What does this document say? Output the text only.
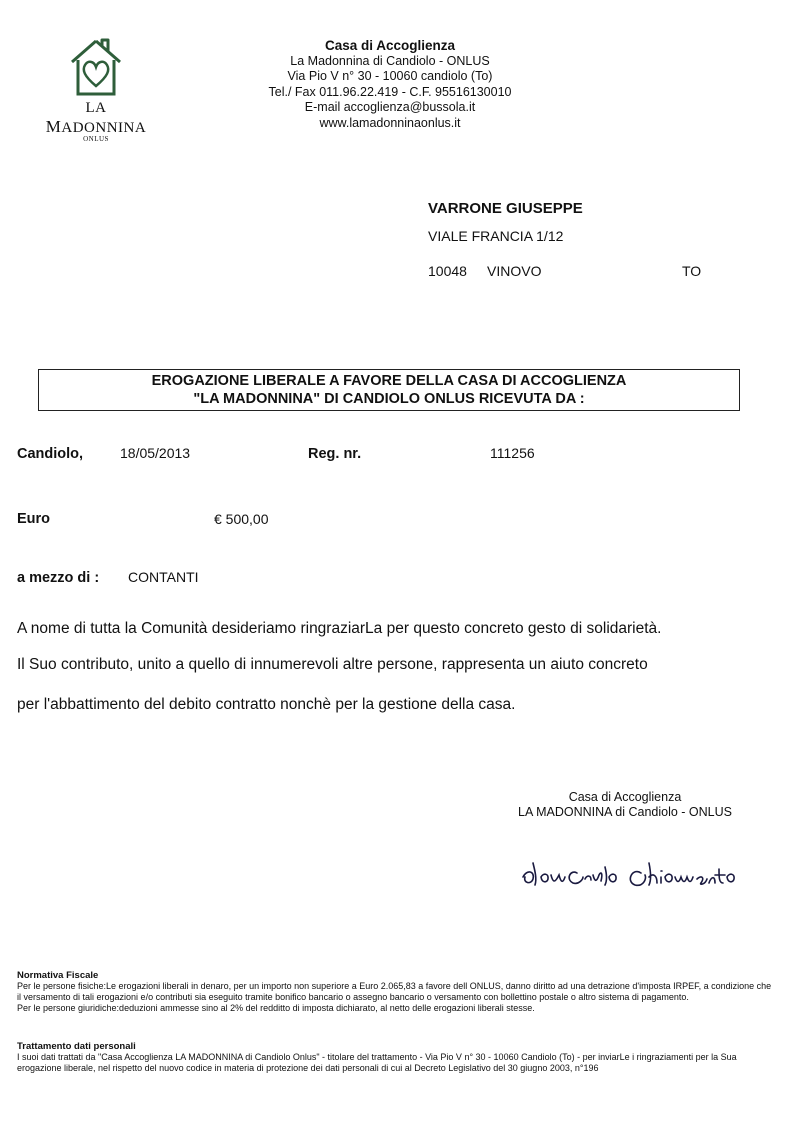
LA MADONNINA
ONLUS
Casa di Accoglienza
La Madonnina di Candiolo - ONLUS
Via Pio V n° 30 - 10060 candiolo (To)
Tel./ Fax 011.96.22.419 - C.F. 95516130010
E-mail accoglienza@bussola.it
www.lamadonninaonlus.it
VARRONE GIUSEPPE
VIALE FRANCIA 1/12
10048 VINOVO	TO
EROGAZIONE LIBERALE A FAVORE DELLA CASA DI ACCOGLIENZA
"LA MADONNINA" DI CANDIOLO ONLUS RICEVUTA DA :
Candiolo,	18/05/2013	Reg. nr.	111256
Euro	€ 500,00
a mezzo di : CONTANTI
A nome di tutta la Comunità desideriamo ringraziarLa per questo concreto gesto di solidarietà.
Il Suo contributo, unito a quello di innumerevoli altre persone, rappresenta un aiuto concreto
per l'abbattimento del debito contratto nonchè per la gestione della casa.
Casa di Accoglienza
LA MADONNINA di Candiolo - ONLUS
Normativa Fiscale
Per le persone fisiche:Le erogazioni liberali in denaro, per un importo non superiore a Euro 2.065,83 a favore dell ONLUS, danno diritto ad una detrazione d'imposta IRPEF, a condizione che il versamento di tali erogazioni e/o contributi sia eseguito tramite bonifico bancario o assegno bancario o versamento con bollettino postale o altro sistema di pagamento.
Per le persone giuridiche:deduzioni ammesse sino al 2% del redditto di imposta dichiarato, al netto delle erogazioni liberali stesse.
Trattamento dati personali
I suoi dati trattati da "Casa Accoglienza LA MADONNINA di Candiolo Onlus" - titolare del trattamento - Via Pio V n° 30 - 10060 Candiolo (To) - per inviarLe i ringraziamenti per la Sua erogazione liberale, nel rispetto del nuovo codice in materia di protezione dei dati personali di cui al Decreto Legislativo del 30 giugno 2003, n°196
